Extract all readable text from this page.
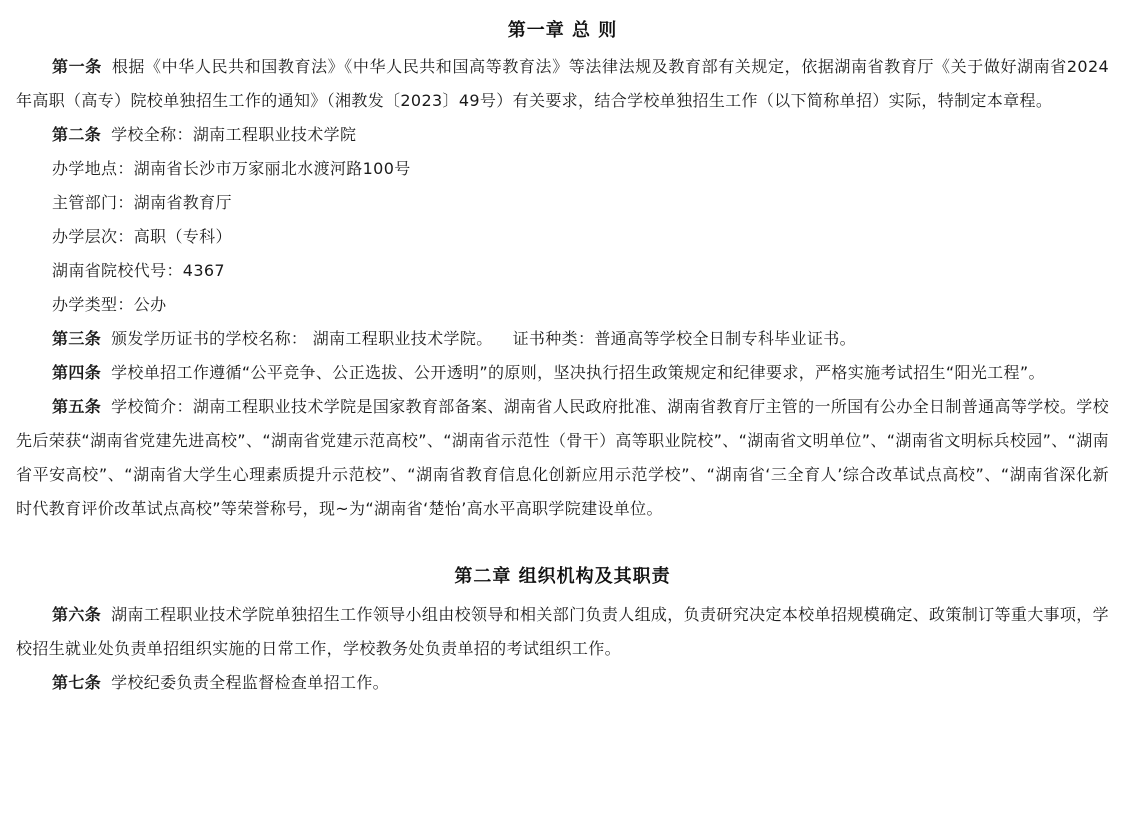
第一章 总 则

第一条 根据《中华人民共和国教育法》《中华人民共和国高等教育法》等法律法规及教育部有关规定，依据湖南省教育厅《关于做好湖南省2024年高职（高专）院校单独招生工作的通知》（湘教发〔2023〕49号）有关要求，结合学校单独招生工作（以下简称单招）实际，特制定本章程。

第二条 学校全称：湖南工程职业技术学院

办学地点：湖南省长沙市万家丽北水渡河路100号

主管部门：湖南省教育厅

办学层次：高职（专科）

湖南省院校代号：4367

办学类型：公办

第三条 颁发学历证书的学校名称： 湖南工程职业技术学院。 证书种类：普通高等学校全日制专科毕业证书。

第四条 学校单招工作遵循“公平竞争、公正选拔、公开透明”的原则，坚决执行招生政策规定和纪律要求，严格实施考试招生“阳光工程”。

第五条 学校简介：湖南工程职业技术学院是国家教育部备案、湖南省人民政府批准、湖南省教育厅主管的一所国有公办全日制普通高等学校。学校先后荣获“湖南省党建先进高校”、“湖南省党建示范高校”、“湖南省示范性（骨干）高等职业院校”、“湖南省文明单位”、“湖南省文明标兵校园”、“湖南省平安高校”、“湖南省大学生心理素质提升示范校”、“湖南省教育信息化创新应用示范学校”、“湖南省‘三全育人’综合改革试点高校”、“湖南省深化新时代教育评价改革试点高校”等荣誉称号，现~为“湖南省‘楚怡’高水平高职学院建设单位。

第二章 组织机构及其职责

第六条 湖南工程职业技术学院单独招生工作领导小组由校领导和相关部门负责人组成，负责研究决定本校单招规模确定、政策制订等重大事项，学校招生就业处负责单招组织实施的日常工作，学校教务处负责单招的考试组织工作。

第七条 学校纪委负责全程监督检查单招工作。
